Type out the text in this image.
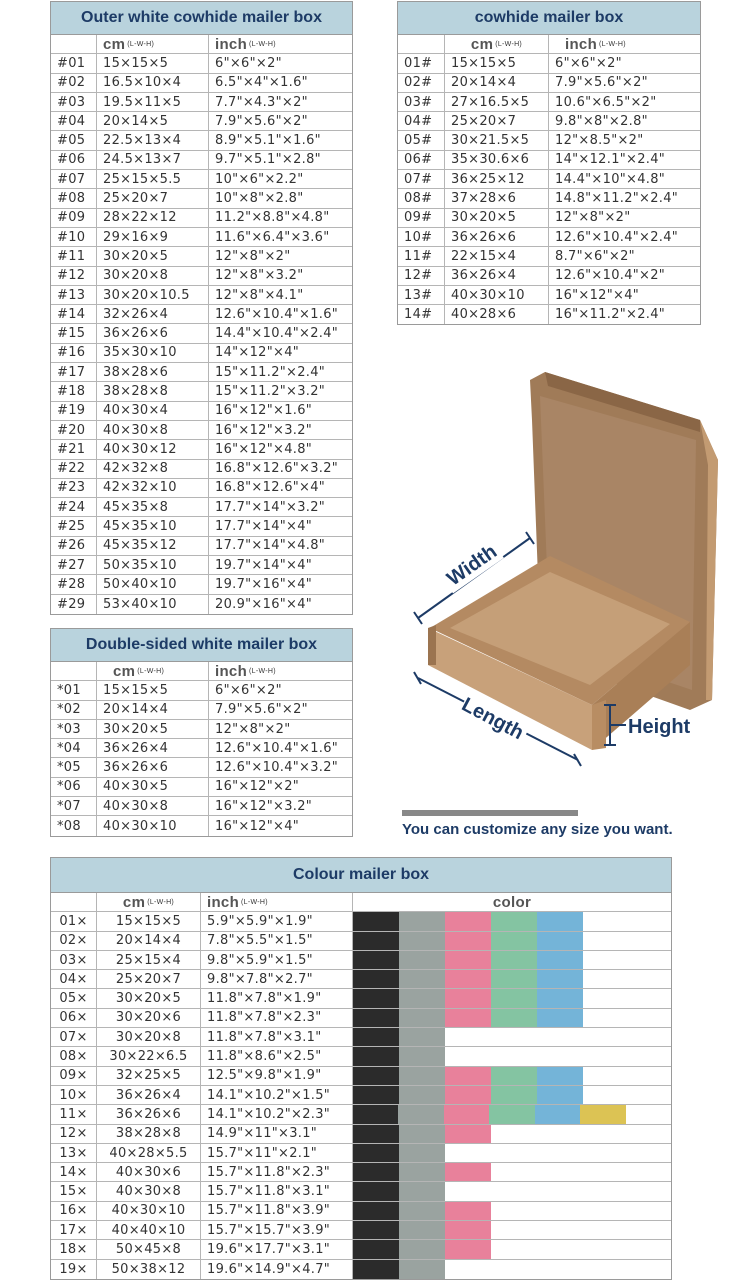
Outer white cowhide mailer box
cm (L-W-H)	inch (L-W-H)
#01	15×15×5	6"×6"×2"
#02	16.5×10×4	6.5"×4"×1.6"
#03	19.5×11×5	7.7"×4.3"×2"
#04	20×14×5	7.9"×5.6"×2"
#05	22.5×13×4	8.9"×5.1"×1.6"
#06	24.5×13×7	9.7"×5.1"×2.8"
#07	25×15×5.5	10"×6"×2.2"
#08	25×20×7	10"×8"×2.8"
#09	28×22×12	11.2"×8.8"×4.8"
#10	29×16×9	11.6"×6.4"×3.6"
#11	30×20×5	12"×8"×2"
#12	30×20×8	12"×8"×3.2"
#13	30×20×10.5	12"×8"×4.1"
#14	32×26×4	12.6"×10.4"×1.6"
#15	36×26×6	14.4"×10.4"×2.4"
#16	35×30×10	14"×12"×4"
#17	38×28×6	15"×11.2"×2.4"
#18	38×28×8	15"×11.2"×3.2"
#19	40×30×4	16"×12"×1.6"
#20	40×30×8	16"×12"×3.2"
#21	40×30×12	16"×12"×4.8"
#22	42×32×8	16.8"×12.6"×3.2"
#23	42×32×10	16.8"×12.6"×4"
#24	45×35×8	17.7"×14"×3.2"
#25	45×35×10	17.7"×14"×4"
#26	45×35×12	17.7"×14"×4.8"
#27	50×35×10	19.7"×14"×4"
#28	50×40×10	19.7"×16"×4"
#29	53×40×10	20.9"×16"×4"
cowhide mailer box
cm (L-W-H)	inch (L-W-H)
01#	15×15×5	6"×6"×2"
02#	20×14×4	7.9"×5.6"×2"
03#	27×16.5×5	10.6"×6.5"×2"
04#	25×20×7	9.8"×8"×2.8"
05#	30×21.5×5	12"×8.5"×2"
06#	35×30.6×6	14"×12.1"×2.4"
07#	36×25×12	14.4"×10"×4.8"
08#	37×28×6	14.8"×11.2"×2.4"
09#	30×20×5	12"×8"×2"
10#	36×26×6	12.6"×10.4"×2.4"
11#	22×15×4	8.7"×6"×2"
12#	36×26×4	12.6"×10.4"×2"
13#	40×30×10	16"×12"×4"
14#	40×28×6	16"×11.2"×2.4"
Double-sided white mailer box
cm (L-W-H)	inch (L-W-H)
*01	15×15×5	6"×6"×2"
*02	20×14×4	7.9"×5.6"×2"
*03	30×20×5	12"×8"×2"
*04	36×26×4	12.6"×10.4"×1.6"
*05	36×26×6	12.6"×10.4"×3.2"
*06	40×30×5	16"×12"×2"
*07	40×30×8	16"×12"×3.2"
*08	40×30×10	16"×12"×4"
Width
Length	Height
You can customize any size you want.
Colour mailer box
cm (L-W-H) inch (L-W-H)	color
01×	15×15×5	5.9"×5.9"×1.9"
02×	20×14×4	7.8"×5.5"×1.5"
03×	25×15×4	9.8"×5.9"×1.5"
04×	25×20×7	9.8"×7.8"×2.7"
05×	30×20×5	11.8"×7.8"×1.9"
06×	30×20×6	11.8"×7.8"×2.3"
07×	30×20×8	11.8"×7.8"×3.1"
08×	30×22×6.5	11.8"×8.6"×2.5"
09×	32×25×5	12.5"×9.8"×1.9"
10×	36×26×4	14.1"×10.2"×1.5"
11×	36×26×6	14.1"×10.2"×2.3"
12×	38×28×8	14.9"×11"×3.1"
13×	40×28×5.5	15.7"×11"×2.1"
14×	40×30×6	15.7"×11.8"×2.3"
15×	40×30×8	15.7"×11.8"×3.1"
16×	40×30×10	15.7"×11.8"×3.9"
17×	40×40×10	15.7"×15.7"×3.9"
18×	50×45×8	19.6"×17.7"×3.1"
19×	50×38×12	19.6"×14.9"×4.7"
